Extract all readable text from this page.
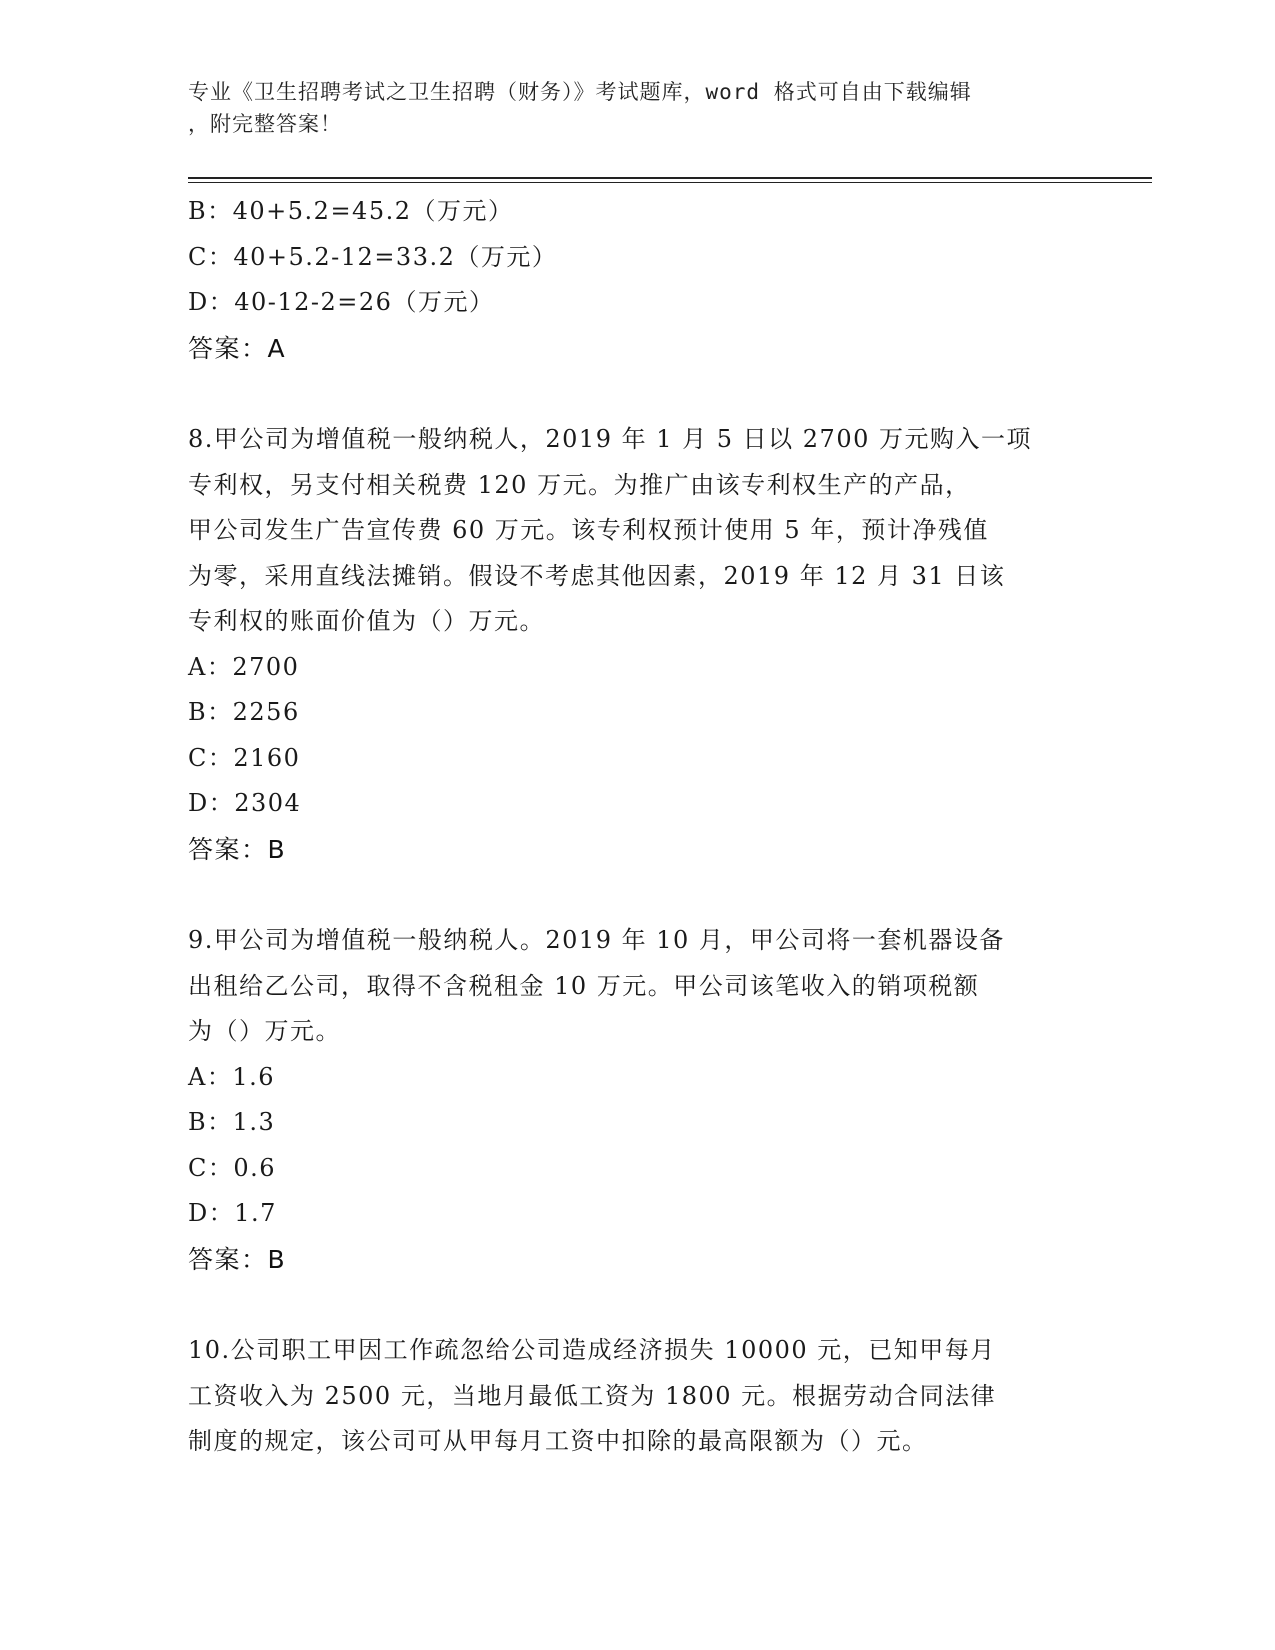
专业《卫生招聘考试之卫生招聘（财务）》考试题库，word 格式可自由下载编辑
，附完整答案！
B：40+5.2=45.2（万元）
C：40+5.2-12=33.2（万元）
D：40-12-2=26（万元）
答案：A
8.甲公司为增值税一般纳税人，2019 年 1 月 5 日以 2700 万元购入一项
专利权，另支付相关税费 120 万元。为推广由该专利权生产的产品，
甲公司发生广告宣传费 60 万元。该专利权预计使用 5 年，预计净残值
为零，采用直线法摊销。假设不考虑其他因素，2019 年 12 月 31 日该
专利权的账面价值为（）万元。
A：2700
B：2256
C：2160
D：2304
答案：B
9.甲公司为增值税一般纳税人。2019 年 10 月，甲公司将一套机器设备
出租给乙公司，取得不含税租金 10 万元。甲公司该笔收入的销项税额
为（）万元。
A：1.6
B：1.3
C：0.6
D：1.7
答案：B
10.公司职工甲因工作疏忽给公司造成经济损失 10000 元，已知甲每月
工资收入为 2500 元，当地月最低工资为 1800 元。根据劳动合同法律
制度的规定，该公司可从甲每月工资中扣除的最高限额为（）元。
